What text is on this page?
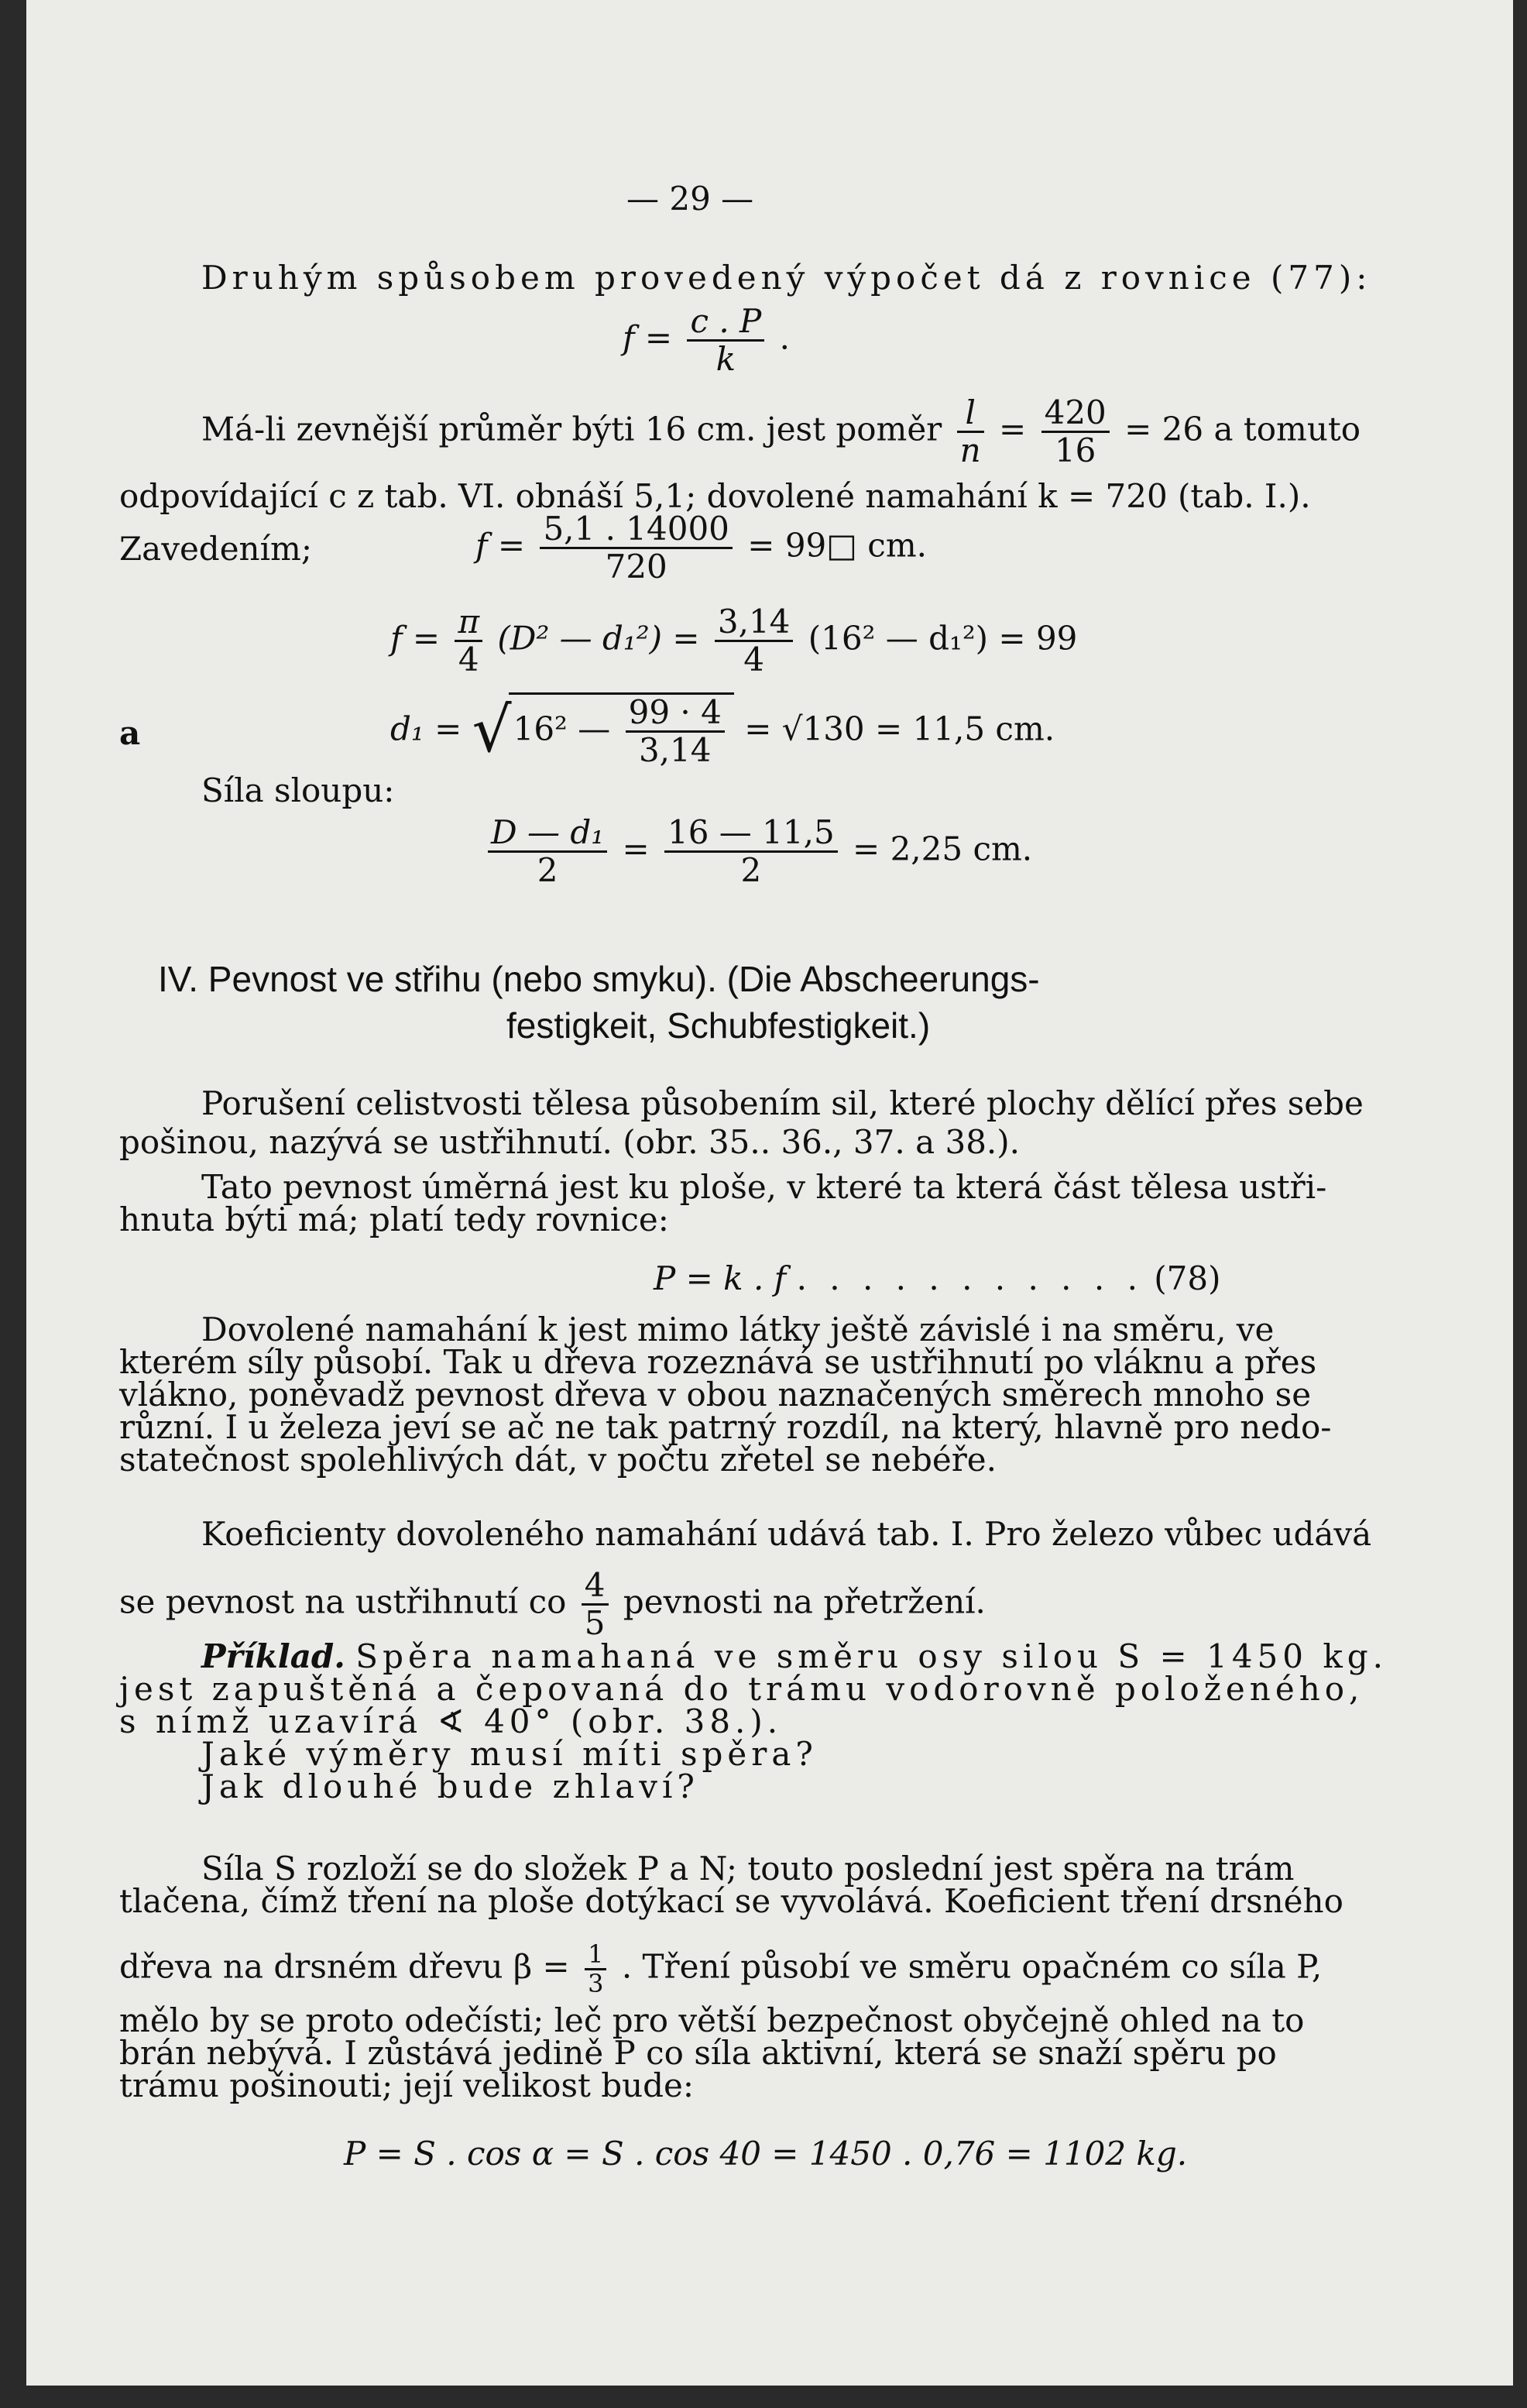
— 29 —
Druhým spůsobem provedený výpočet dá z rovnice (77):
$f = \frac{c . P}{k}$ .
Má-li zevnější průměr býti 16 cm. jest poměr $\frac{l}{n} = \frac{420}{16} = 26$ a tomuto
odpovídající c z tab. VI. obnáší 5,1; dovolené namahání k = 720 (tab. I.).
Zavedením;	$f = \frac{5,1 . 14000}{720}$ = 99□ cm.
$f = \frac{\pi}{4} (D^2$ — $d_1^2) = \frac{3,14}{4} (16^2$ — d₁²) = 99
a	d₁ = √16² — $\frac{99 \cdot 4}{3,14} = √130 = 11,5$ cm.
Síla sloupu:
$\frac{\text{D — d₁}}{2} = \frac{16 — 11,5}{2} = 2,25$ cm.
IV. Pevnost ve střihu (nebo smyku). (Die Abscheerungs-
festigkeit, Schubfestigkeit.)
Porušení celistvosti tělesa působením sil, které plochy dělící přes sebe
pošinou, nazývá se ustřihnutí. (obr. 35.. 36., 37. a 38.).
Tato pevnost úměrná jest ku ploše, v které ta která část tělesa ustři-
hnuta býti má; platí tedy rovnice:
P = k . f . . . . . . . . . . . (78)
Dovolené namahání k jest mimo látky ještě závislé i na směru, ve
kterém síly působí. Tak u dřeva rozeznává se ustřihnutí po vláknu a přes
vlákno, poněvadž pevnost dřeva v obou naznačených směrech mnoho se
různí. I u železa jeví se ač ne tak patrný rozdíl, na který, hlavně pro nedo-
statečnost spolehlivých dát, v počtu zřetel se nebéře.
Koeficienty dovoleného namahání udává tab. I. Pro železo vůbec udává
se pevnost na ustřihnutí co $\frac{4}{5}$ pevnosti na přetržení.
Příklad. Spěra namahaná ve směru osy silou S = 1450 kg.
jest zapuštěná a čepovaná do trámu vodorovně položeného,
s nímž uzavírá ∢ 40° (obr. 38.).
Jaké výměry musí míti spěra?
Jak dlouhé bude zhlaví?
Síla S rozloží se do složek P a N; touto poslední jest spěra na trám
tlačena, čímž tření na ploše dotýkací se vyvolává. Koeficient tření drsného
dřeva na drsném dřevu $\beta = \frac{1}{3}$ . Tření působí ve směru opačném co síla P,
mělo by se proto odečísti; leč pro větší bezpečnost obyčejně ohled na to
brán nebývá. I zůstává jedině P co síla aktivní, která se snaží spěru po
trámu pošinouti; její velikost bude:
P = S . cos α = S . cos 40 = 1450 . 0,76 = 1102 kg.
